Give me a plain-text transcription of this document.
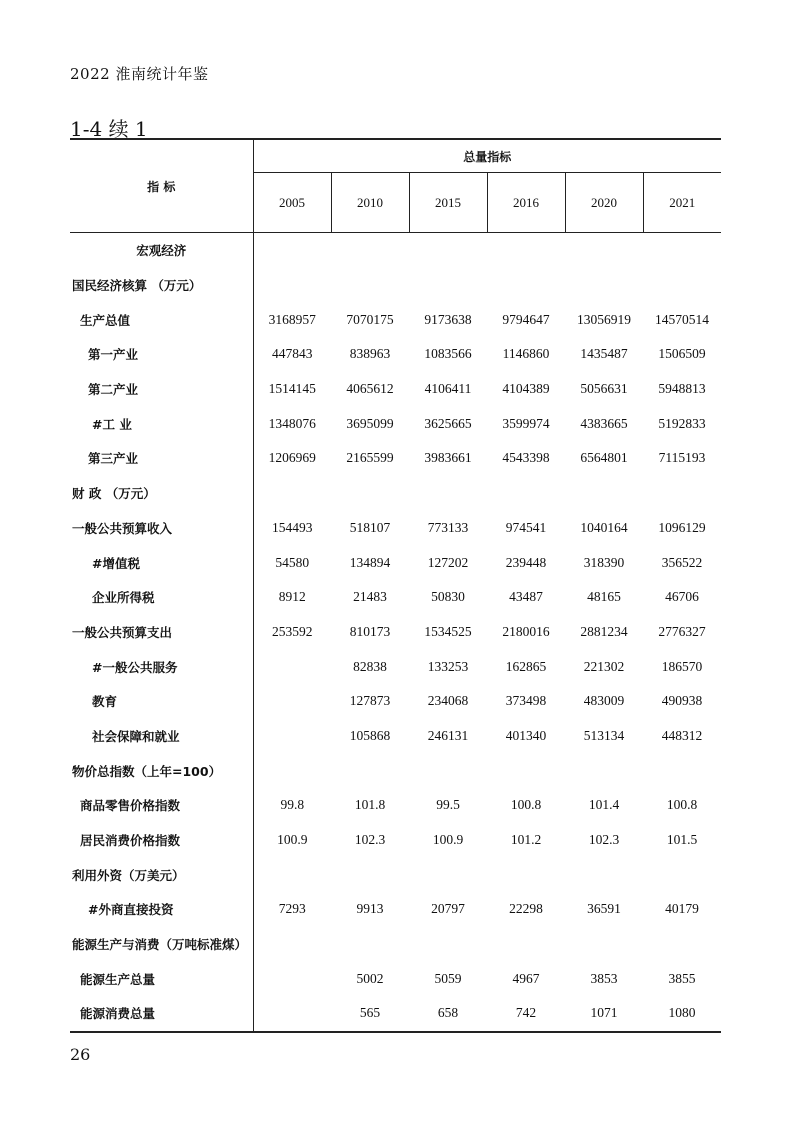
2022 淮南统计年鉴
1-4 续 1
指 标	总量指标					
	2005	2010	2015	2016	2020	2021
宏观经济						
国民经济核算 （万元）						
生产总值	3168957	7070175	9173638	9794647	13056919	14570514
第一产业	447843	838963	1083566	1146860	1435487	1506509
第二产业	1514145	4065612	4106411	4104389	5056631	5948813
#工 业	1348076	3695099	3625665	3599974	4383665	5192833
第三产业	1206969	2165599	3983661	4543398	6564801	7115193
财 政 （万元）						
一般公共预算收入	154493	518107	773133	974541	1040164	1096129
#增值税	54580	134894	127202	239448	318390	356522
企业所得税	8912	21483	50830	43487	48165	46706
一般公共预算支出	253592	810173	1534525	2180016	2881234	2776327
#一般公共服务		82838	133253	162865	221302	186570
教育		127873	234068	373498	483009	490938
社会保障和就业		105868	246131	401340	513134	448312
物价总指数（上年=100）						
商品零售价格指数	99.8	101.8	99.5	100.8	101.4	100.8
居民消费价格指数	100.9	102.3	100.9	101.2	102.3	101.5
利用外资（万美元）						
#外商直接投资	7293	9913	20797	22298	36591	40179
能源生产与消费（万吨标准煤）						
能源生产总量		5002	5059	4967	3853	3855
能源消费总量		565	658	742	1071	1080
26
